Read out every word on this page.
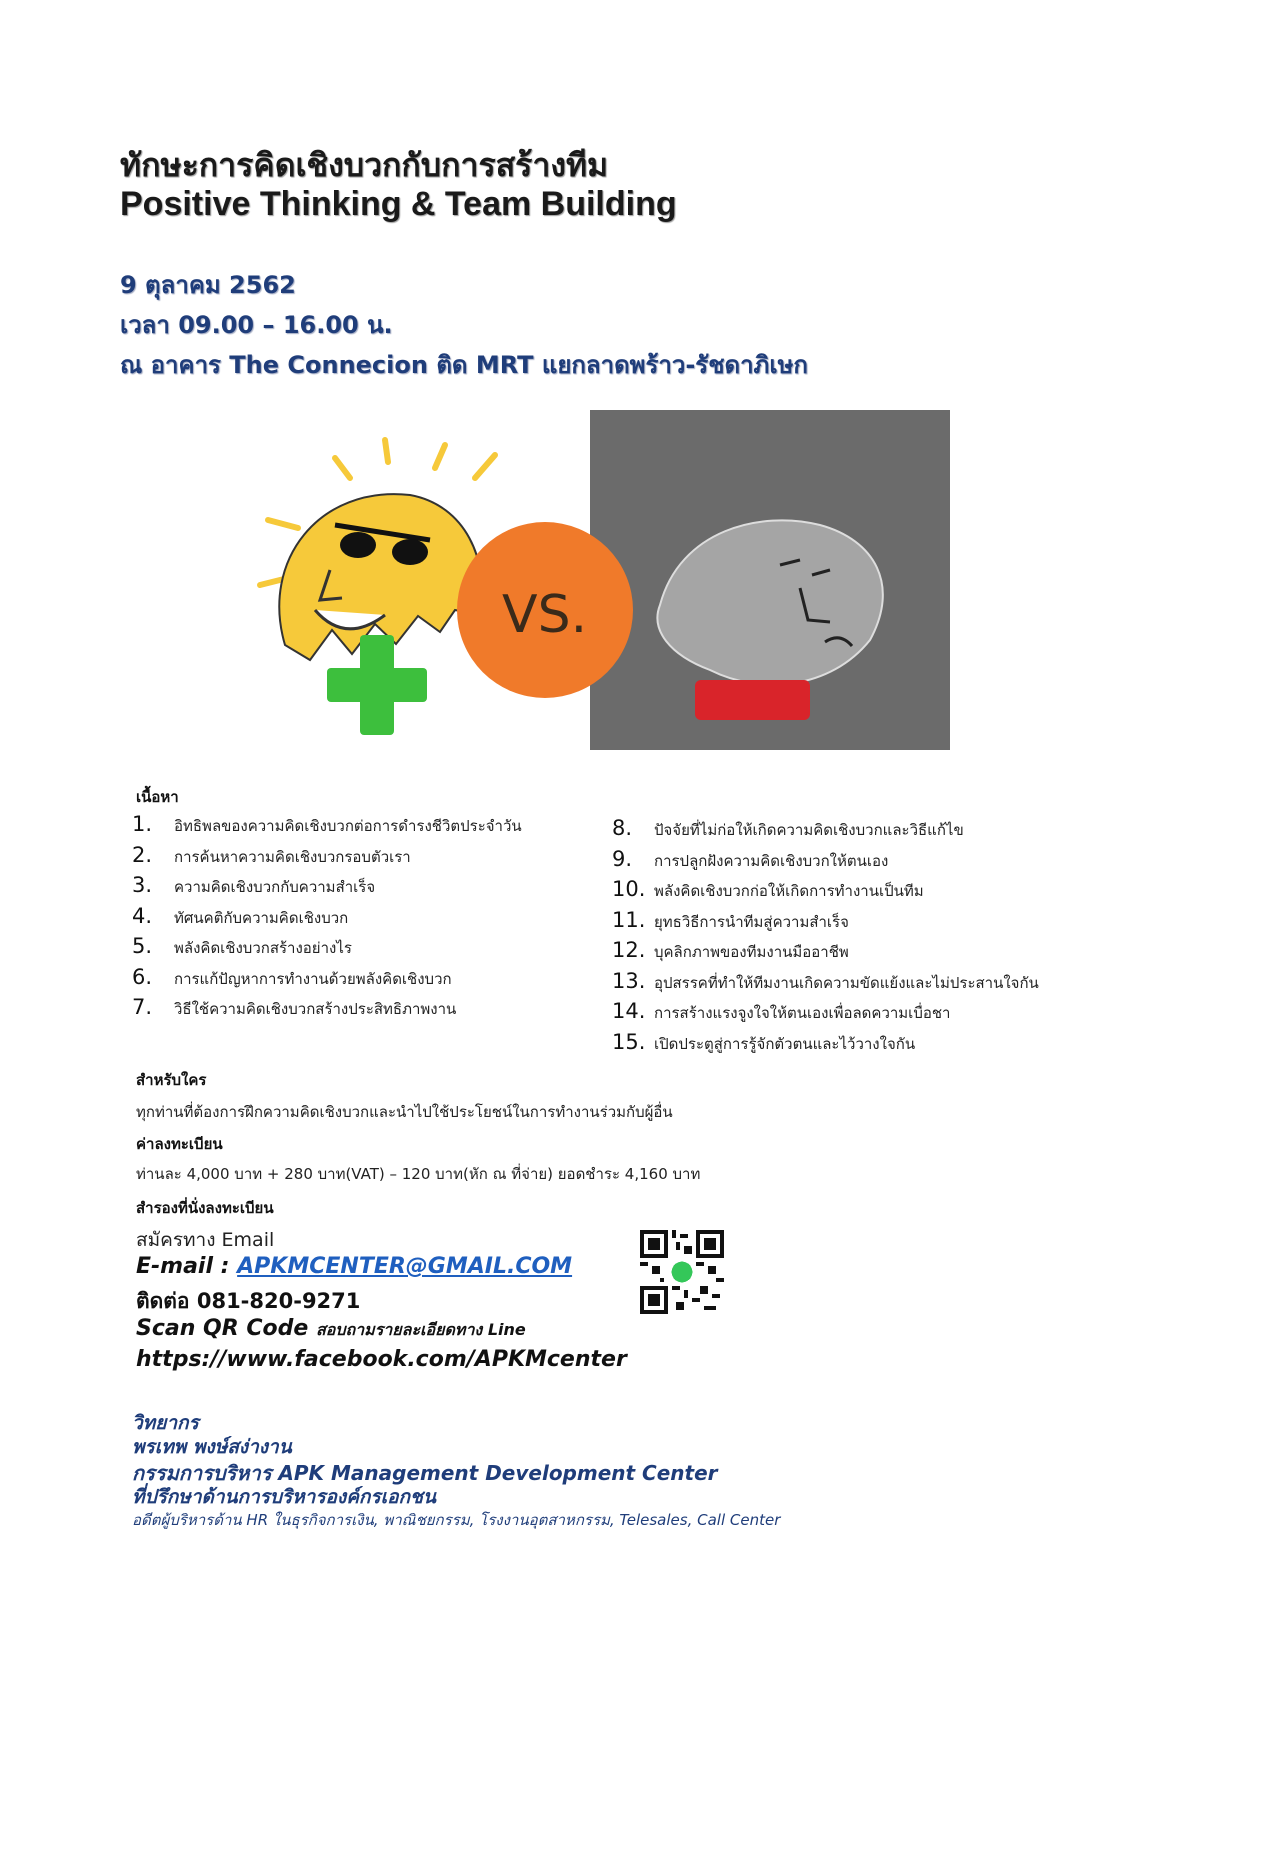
ทักษะการคิดเชิงบวกกับการสร้างทีม
Positive Thinking & Team Building
9 ตุลาคม 2562
เวลา 09.00 – 16.00 น.
ณ อาคาร The Connecion ติด MRT แยกลาดพร้าว-รัชดาภิเษก
VS.
เนื้อหา
1.	อิทธิพลของความคิดเชิงบวกต่อการดำรงชีวิตประจำวัน
2.	การค้นหาความคิดเชิงบวกรอบตัวเรา
3.	ความคิดเชิงบวกกับความสำเร็จ
4.	ทัศนคติกับความคิดเชิงบวก
5.	พลังคิดเชิงบวกสร้างอย่างไร
6.	การแก้ปัญหาการทำงานด้วยพลังคิดเชิงบวก
7.	วิธีใช้ความคิดเชิงบวกสร้างประสิทธิภาพงาน
8.	ปัจจัยที่ไม่ก่อให้เกิดความคิดเชิงบวกและวิธีแก้ไข
9.	การปลูกฝังความคิดเชิงบวกให้ตนเอง
10. พลังคิดเชิงบวกก่อให้เกิดการทำงานเป็นทีม
11. ยุทธวิธีการนำทีมสู่ความสำเร็จ
12. บุคลิกภาพของทีมงานมืออาชีพ
13. อุปสรรคที่ทำให้ทีมงานเกิดความขัดแย้งและไม่ประสานใจกัน
14. การสร้างแรงจูงใจให้ตนเองเพื่อลดความเบื่อชา
15. เปิดประตูสู่การรู้จักตัวตนและไว้วางใจกัน
สำหรับใคร
ทุกท่านที่ต้องการฝึกความคิดเชิงบวกและนำไปใช้ประโยชน์ในการทำงานร่วมกับผู้อื่น
ค่าลงทะเบียน
ท่านละ 4,000 บาท + 280 บาท(VAT) – 120 บาท(หัก ณ ที่จ่าย) ยอดชำระ 4,160 บาท
สำรองที่นั่งลงทะเบียน
สมัครทาง Email
E-mail : APKMCENTER@GMAIL.COM
ติดต่อ 081-820-9271
Scan QR Code สอบถามรายละเอียดทาง Line
https://www.facebook.com/APKMcenter
วิทยากร
พรเทพ พงษ์สง่างาน
กรรมการบริหาร APK Management Development Center
ที่ปรึกษาด้านการบริหารองค์กรเอกชน
อดีตผู้บริหารด้าน HR ในธุรกิจการเงิน, พาณิชยกรรม, โรงงานอุตสาหกรรม, Telesales, Call Center
